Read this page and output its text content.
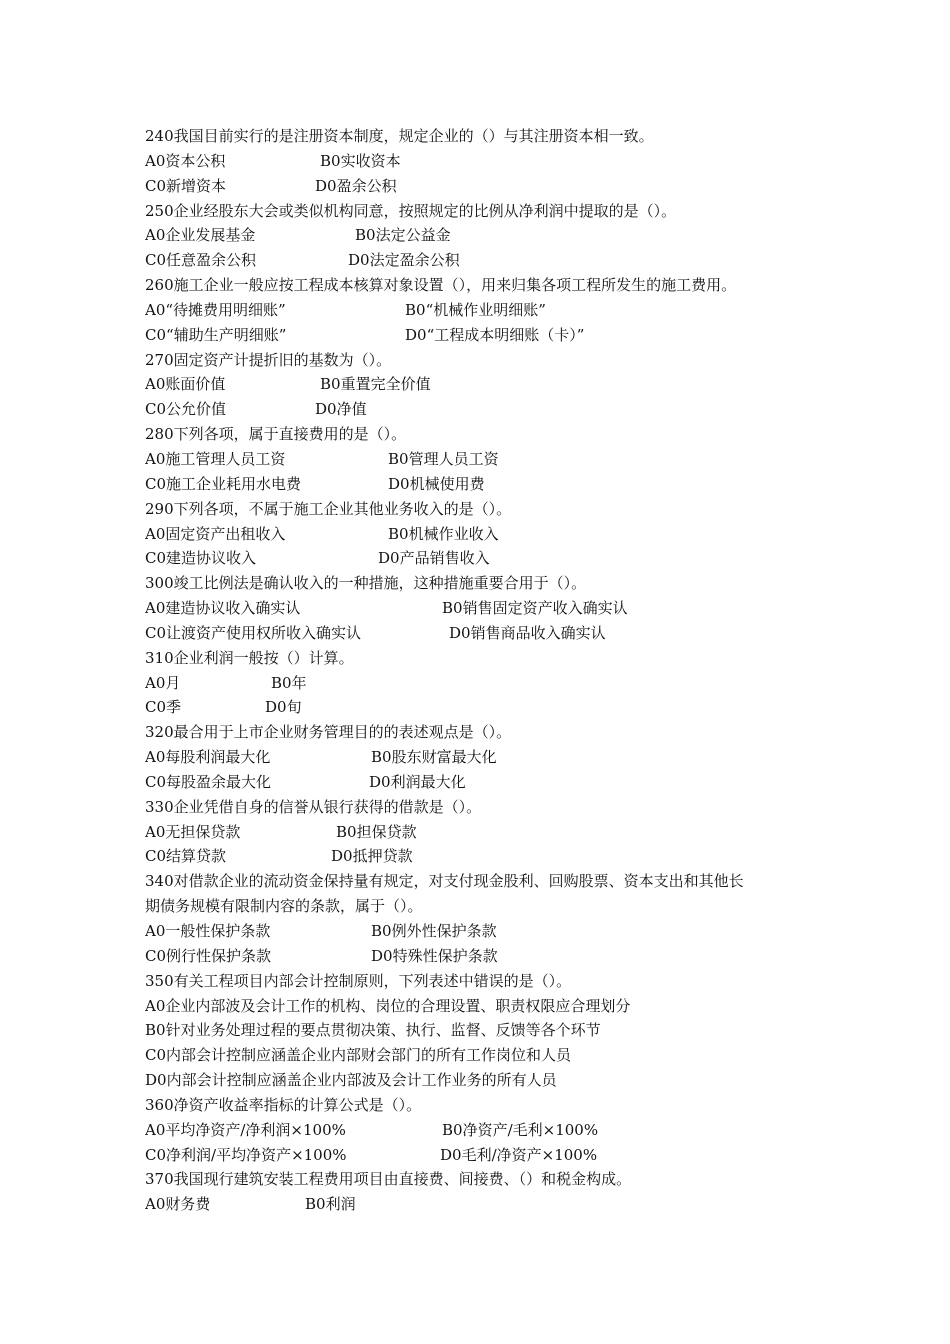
240我国目前实行的是注册资本制度，规定企业的（）与其注册资本相一致。
A0资本公积	B0实收资本
C0新增资本	D0盈余公积
250企业经股东大会或类似机构同意，按照规定的比例从净利润中提取的是（）。
A0企业发展基金	B0法定公益金
C0任意盈余公积	D0法定盈余公积
260施工企业一般应按工程成本核算对象设置（），用来归集各项工程所发生的施工费用。
A0“待摊费用明细账”	B0“机械作业明细账”
C0“辅助生产明细账”	D0“工程成本明细账（卡）”
270固定资产计提折旧的基数为（）。
A0账面价值	B0重置完全价值
C0公允价值	D0净值
280下列各项，属于直接费用的是（）。
A0施工管理人员工资	B0管理人员工资
C0施工企业耗用水电费	D0机械使用费
290下列各项，不属于施工企业其他业务收入的是（）。
A0固定资产出租收入	B0机械作业收入
C0建造协议收入	D0产品销售收入
300竣工比例法是确认收入的一种措施，这种措施重要合用于（）。
A0建造协议收入确实认	B0销售固定资产收入确实认
C0让渡资产使用权所收入确实认	D0销售商品收入确实认
310企业利润一般按（）计算。
A0月	B0年
C0季	D0旬
320最合用于上市企业财务管理目的的表述观点是（）。
A0每股利润最大化	B0股东财富最大化
C0每股盈余最大化	D0利润最大化
330企业凭借自身的信誉从银行获得的借款是（）。
A0无担保贷款	B0担保贷款
C0结算贷款	D0抵押贷款
340对借款企业的流动资金保持量有规定，对支付现金股利、回购股票、资本支出和其他长
期债务规模有限制内容的条款，属于（）。
A0一般性保护条款	B0例外性保护条款
C0例行性保护条款	D0特殊性保护条款
350有关工程项目内部会计控制原则，下列表述中错误的是（）。
A0企业内部波及会计工作的机构、岗位的合理设置、职责权限应合理划分
B0针对业务处理过程的要点贯彻决策、执行、监督、反馈等各个环节
C0内部会计控制应涵盖企业内部财会部门的所有工作岗位和人员
D0内部会计控制应涵盖企业内部波及会计工作业务的所有人员
360净资产收益率指标的计算公式是（）。
A0平均净资产/净利润×100%	B0净资产/毛利×100%
C0净利润/平均净资产×100%	D0毛利/净资产×100%
370我国现行建筑安装工程费用项目由直接费、间接费、（）和税金构成。
A0财务费	B0利润
